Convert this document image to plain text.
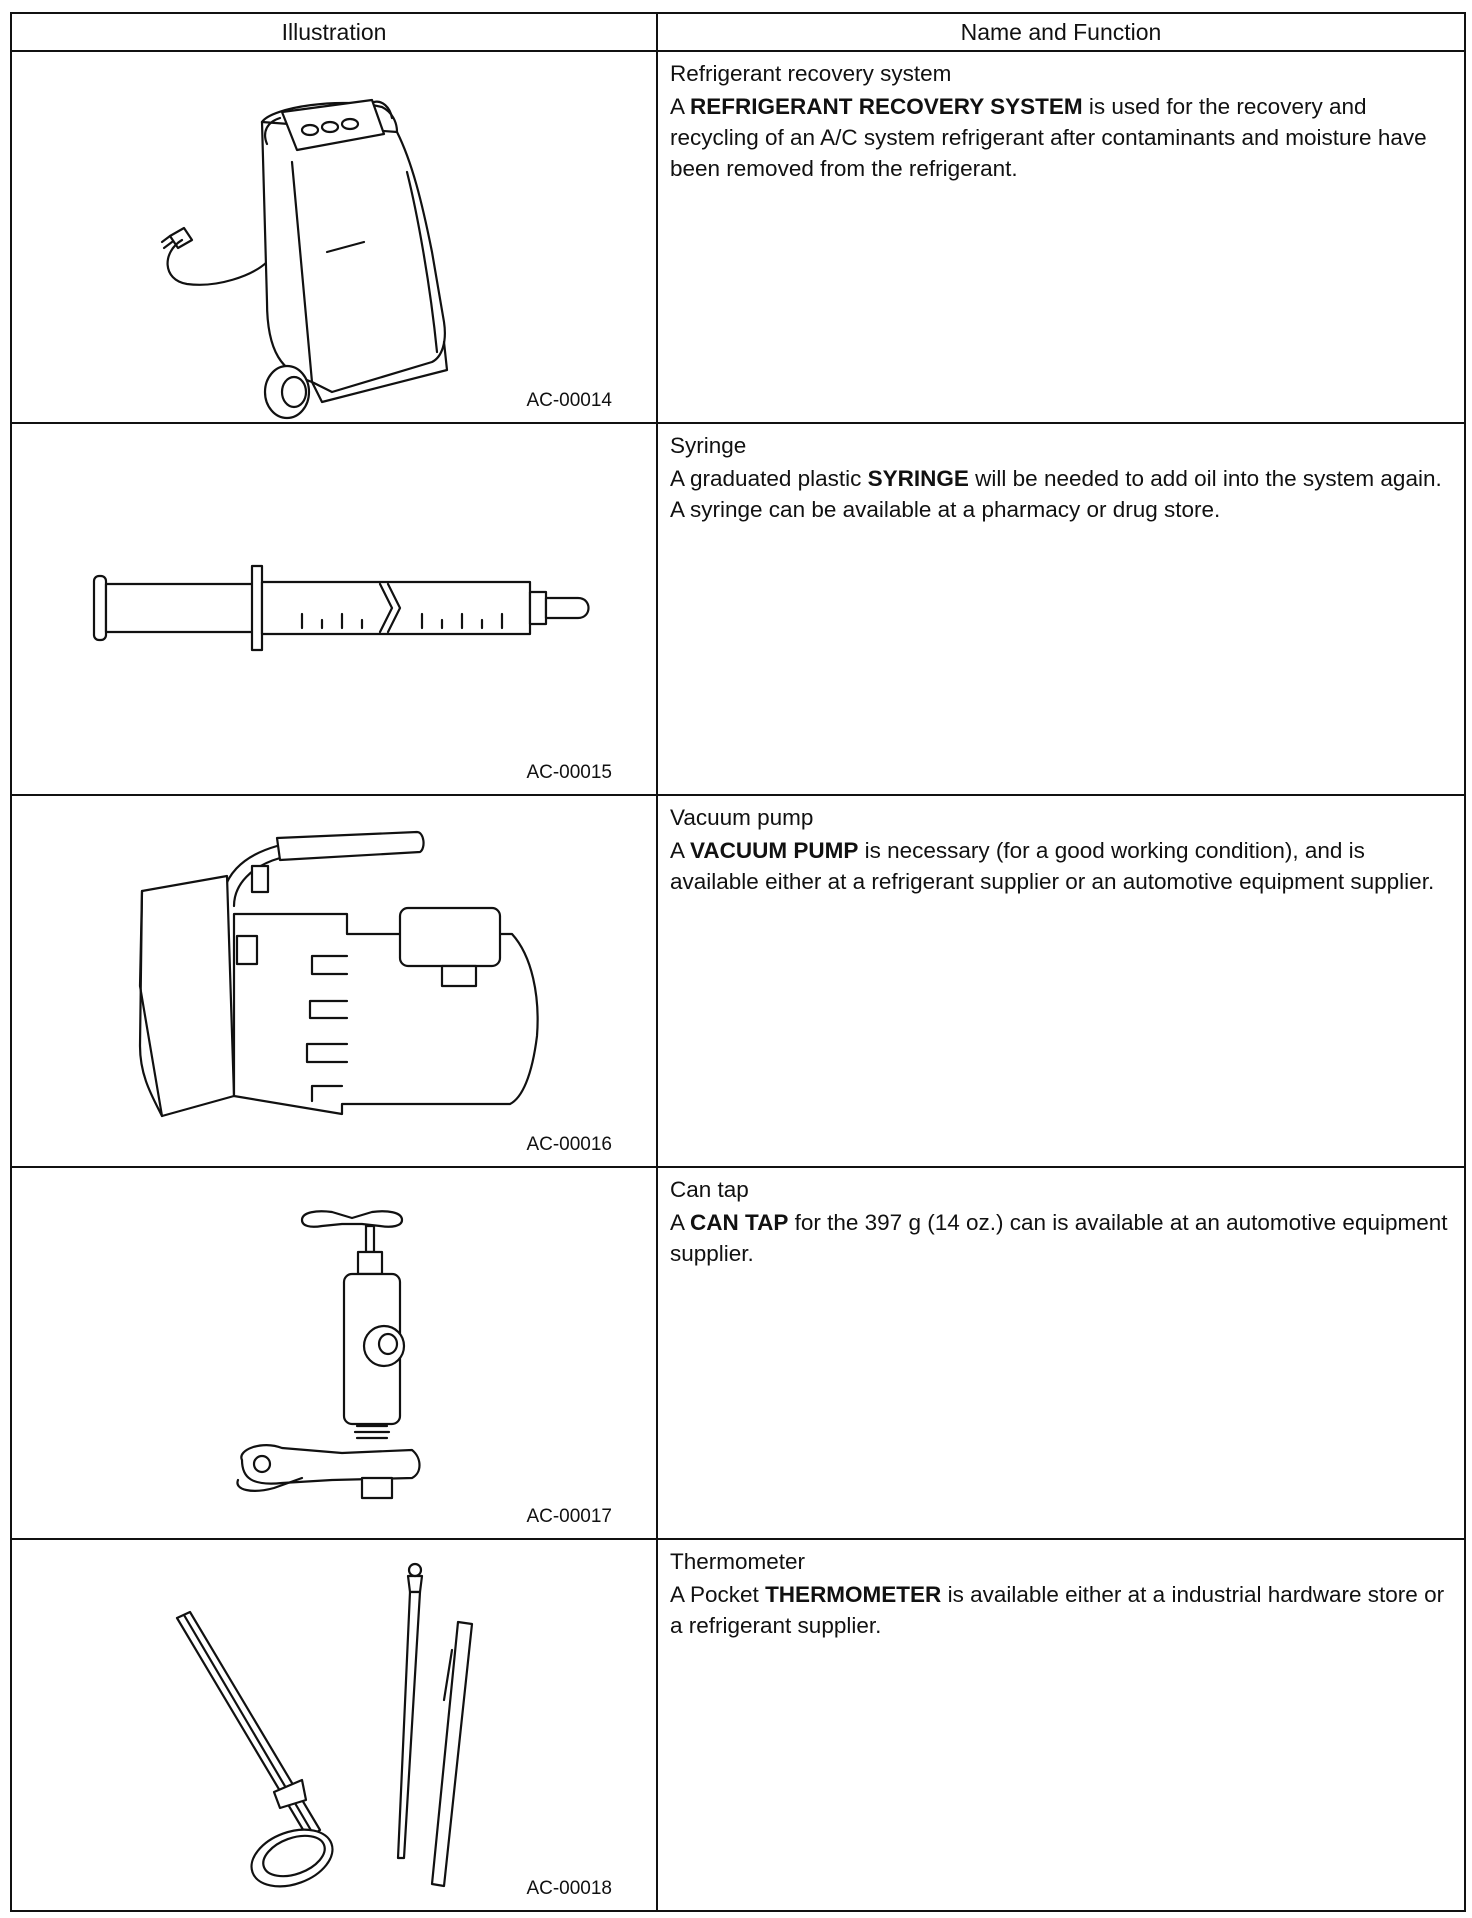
Illustration	Name and Function

AC-00014	Refrigerant recovery system
A REFRIGERANT RECOVERY SYSTEM is used for the recovery and recycling of an A/C system refrigerant after contaminants and moisture have been removed from the refrigerant.

AC-00015	Syringe
A graduated plastic SYRINGE will be needed to add oil into the system again. A syringe can be available at a pharmacy or drug store.

AC-00016	Vacuum pump
A VACUUM PUMP is necessary (for a good working condition), and is available either at a refrigerant supplier or an automotive equipment supplier.

AC-00017	Can tap
A CAN TAP for the 397 g (14 oz.) can is available at an automotive equipment supplier.

AC-00018	Thermometer
A Pocket THERMOMETER is available either at a industrial hardware store or a refrigerant supplier.
